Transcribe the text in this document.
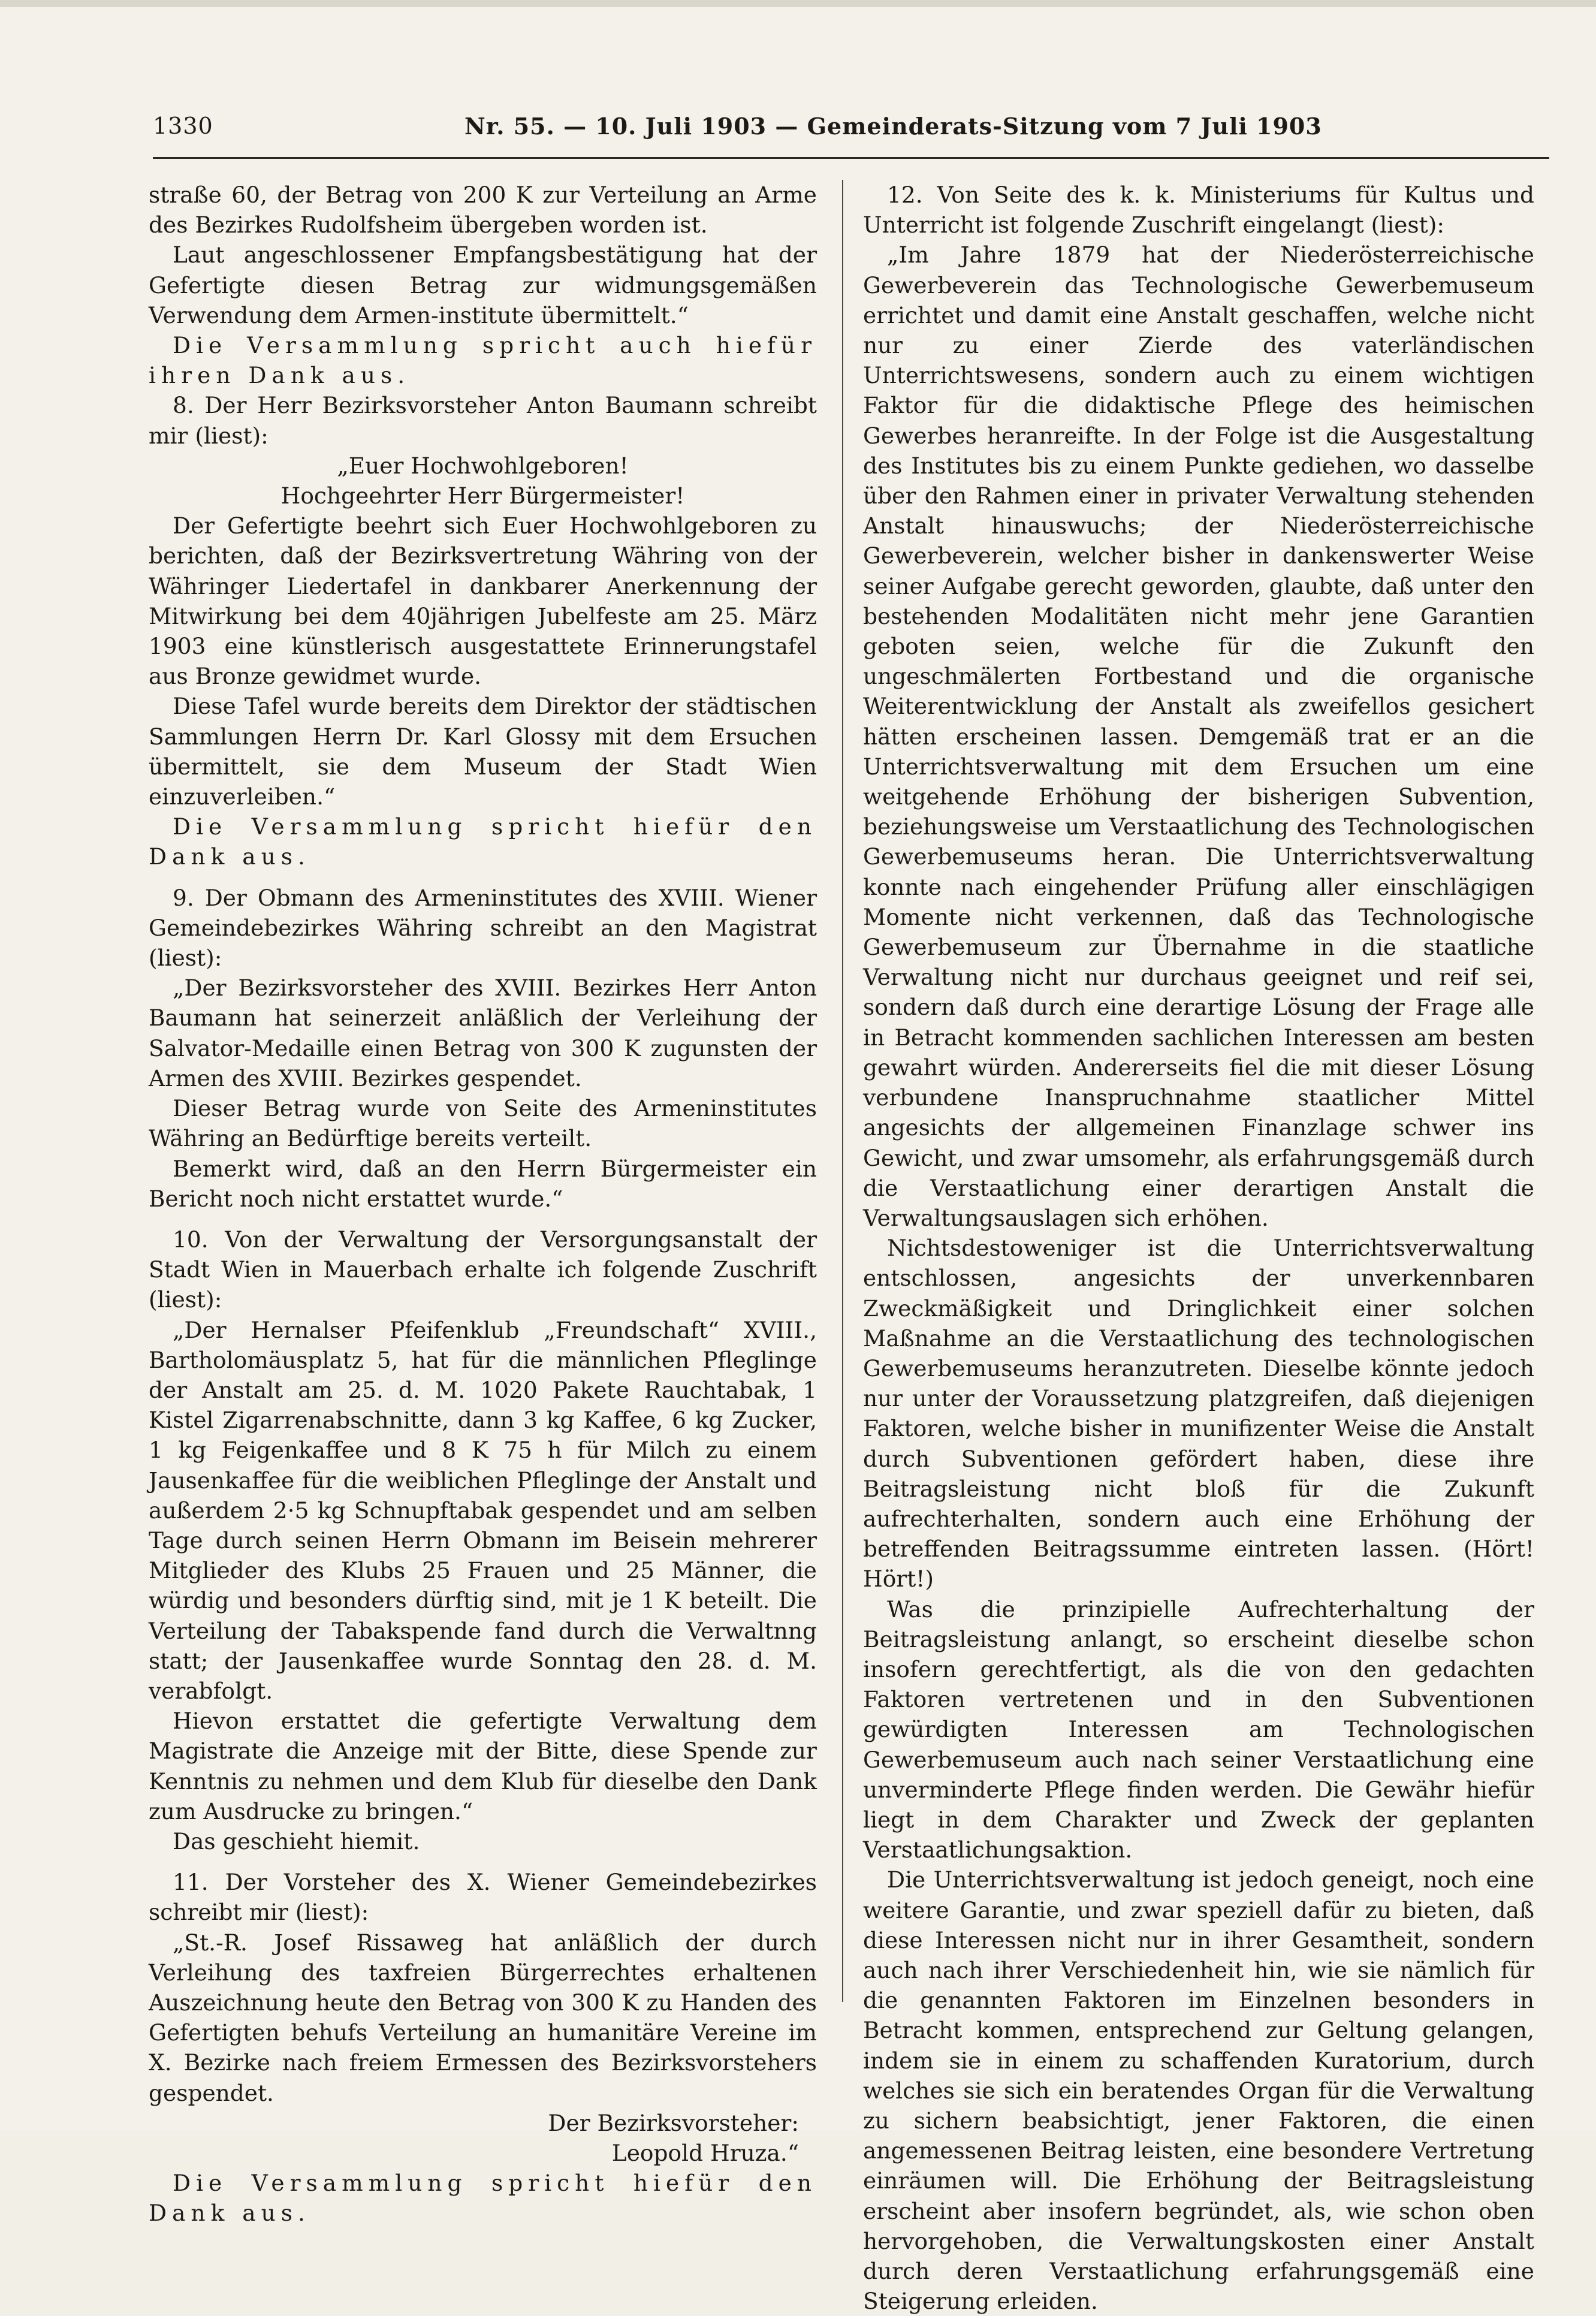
1330	Nr. 55. — 10. Juli 1903 — Gemeinderats-Sitzung vom 7 Juli 1903

straße 60, der Betrag von 200 K zur Verteilung an Arme des Bezirkes Rudolfsheim übergeben worden ist.

Laut angeschlossener Empfangsbestätigung hat der Gefertigte diesen Betrag zur widmungsgemäßen Verwendung dem Armen-institute übermittelt.“

Die Versammlung spricht auch hiefür ihren Dank aus.

8. Der Herr Bezirksvorsteher Anton Baumann schreibt mir (liest):

„Euer Hochwohlgeboren!

Hochgeehrter Herr Bürgermeister!

Der Gefertigte beehrt sich Euer Hochwohlgeboren zu berichten, daß der Bezirksvertretung Währing von der Währinger Liedertafel in dankbarer Anerkennung der Mitwirkung bei dem 40jährigen Jubelfeste am 25. März 1903 eine künstlerisch ausgestattete Erinnerungstafel aus Bronze gewidmet wurde.

Diese Tafel wurde bereits dem Direktor der städtischen Sammlungen Herrn Dr. Karl Glossy mit dem Ersuchen übermittelt, sie dem Museum der Stadt Wien einzuverleiben.“

Die Versammlung spricht hiefür den Dank aus.

9. Der Obmann des Armeninstitutes des XVIII. Wiener Gemeindebezirkes Währing schreibt an den Magistrat (liest):

„Der Bezirksvorsteher des XVIII. Bezirkes Herr Anton Baumann hat seinerzeit anläßlich der Verleihung der Salvator-Medaille einen Betrag von 300 K zugunsten der Armen des XVIII. Bezirkes gespendet.

Dieser Betrag wurde von Seite des Armeninstitutes Währing an Bedürftige bereits verteilt.

Bemerkt wird, daß an den Herrn Bürgermeister ein Bericht noch nicht erstattet wurde.“

10. Von der Verwaltung der Versorgungsanstalt der Stadt Wien in Mauerbach erhalte ich folgende Zuschrift (liest):

„Der Hernalser Pfeifenklub „Freundschaft“ XVIII., Bartholomäusplatz 5, hat für die männlichen Pfleglinge der Anstalt am 25. d. M. 1020 Pakete Rauchtabak, 1 Kistel Zigarrenabschnitte, dann 3 kg Kaffee, 6 kg Zucker, 1 kg Feigenkaffee und 8 K 75 h für Milch zu einem Jausenkaffee für die weiblichen Pfleglinge der Anstalt und außerdem 2·5 kg Schnupftabak gespendet und am selben Tage durch seinen Herrn Obmann im Beisein mehrerer Mitglieder des Klubs 25 Frauen und 25 Männer, die würdig und besonders dürftig sind, mit je 1 K beteilt. Die Verteilung der Tabakspende fand durch die Verwaltnng statt; der Jausenkaffee wurde Sonntag den 28. d. M. verabfolgt.

Hievon erstattet die gefertigte Verwaltung dem Magistrate die Anzeige mit der Bitte, diese Spende zur Kenntnis zu nehmen und dem Klub für dieselbe den Dank zum Ausdrucke zu bringen.“

Das geschieht hiemit.

11. Der Vorsteher des X. Wiener Gemeindebezirkes schreibt mir (liest):

„St.-R. Josef Rissaweg hat anläßlich der durch Verleihung des taxfreien Bürgerrechtes erhaltenen Auszeichnung heute den Betrag von 300 K zu Handen des Gefertigten behufs Verteilung an humanitäre Vereine im X. Bezirke nach freiem Ermessen des Bezirksvorstehers gespendet.

Der Bezirksvorsteher:

Leopold Hruza.“

Die Versammlung spricht hiefür den Dank aus.

12. Von Seite des k. k. Ministeriums für Kultus und Unterricht ist folgende Zuschrift eingelangt (liest):

„Im Jahre 1879 hat der Niederösterreichische Gewerbeverein das Technologische Gewerbemuseum errichtet und damit eine Anstalt geschaffen, welche nicht nur zu einer Zierde des vaterländischen Unterrichtswesens, sondern auch zu einem wichtigen Faktor für die didaktische Pflege des heimischen Gewerbes heranreifte. In der Folge ist die Ausgestaltung des Institutes bis zu einem Punkte gediehen, wo dasselbe über den Rahmen einer in privater Verwaltung stehenden Anstalt hinauswuchs; der Niederösterreichische Gewerbeverein, welcher bisher in dankenswerter Weise seiner Aufgabe gerecht geworden, glaubte, daß unter den bestehenden Modalitäten nicht mehr jene Garantien geboten seien, welche für die Zukunft den ungeschmälerten Fortbestand und die organische Weiterentwicklung der Anstalt als zweifellos gesichert hätten erscheinen lassen. Demgemäß trat er an die Unterrichtsverwaltung mit dem Ersuchen um eine weitgehende Erhöhung der bisherigen Subvention, beziehungsweise um Verstaatlichung des Technologischen Gewerbemuseums heran. Die Unterrichtsverwaltung konnte nach eingehender Prüfung aller einschlägigen Momente nicht verkennen, daß das Technologische Gewerbemuseum zur Übernahme in die staatliche Verwaltung nicht nur durchaus geeignet und reif sei, sondern daß durch eine derartige Lösung der Frage alle in Betracht kommenden sachlichen Interessen am besten gewahrt würden. Andererseits fiel die mit dieser Lösung verbundene Inanspruchnahme staatlicher Mittel angesichts der allgemeinen Finanzlage schwer ins Gewicht, und zwar umsomehr, als erfahrungsgemäß durch die Verstaatlichung einer derartigen Anstalt die Verwaltungsauslagen sich erhöhen.

Nichtsdestoweniger ist die Unterrichtsverwaltung entschlossen, angesichts der unverkennbaren Zweckmäßigkeit und Dringlichkeit einer solchen Maßnahme an die Verstaatlichung des technologischen Gewerbemuseums heranzutreten. Dieselbe könnte jedoch nur unter der Voraussetzung platzgreifen, daß diejenigen Faktoren, welche bisher in munifizenter Weise die Anstalt durch Subventionen gefördert haben, diese ihre Beitragsleistung nicht bloß für die Zukunft aufrechterhalten, sondern auch eine Erhöhung der betreffenden Beitragssumme eintreten lassen. (Hört! Hört!)

Was die prinzipielle Aufrechterhaltung der Beitragsleistung anlangt, so erscheint dieselbe schon insofern gerechtfertigt, als die von den gedachten Faktoren vertretenen und in den Subventionen gewürdigten Interessen am Technologischen Gewerbemuseum auch nach seiner Verstaatlichung eine unverminderte Pflege finden werden. Die Gewähr hiefür liegt in dem Charakter und Zweck der geplanten Verstaatlichungsaktion.

Die Unterrichtsverwaltung ist jedoch geneigt, noch eine weitere Garantie, und zwar speziell dafür zu bieten, daß diese Interessen nicht nur in ihrer Gesamtheit, sondern auch nach ihrer Verschiedenheit hin, wie sie nämlich für die genannten Faktoren im Einzelnen besonders in Betracht kommen, entsprechend zur Geltung gelangen, indem sie in einem zu schaffenden Kuratorium, durch welches sie sich ein beratendes Organ für die Verwaltung zu sichern beabsichtigt, jener Faktoren, die einen angemessenen Beitrag leisten, eine besondere Vertretung einräumen will. Die Erhöhung der Beitragsleistung erscheint aber insofern begründet, als, wie schon oben hervorgehoben, die Verwaltungskosten einer Anstalt durch deren Verstaatlichung erfahrungsgemäß eine Steigerung erleiden.
